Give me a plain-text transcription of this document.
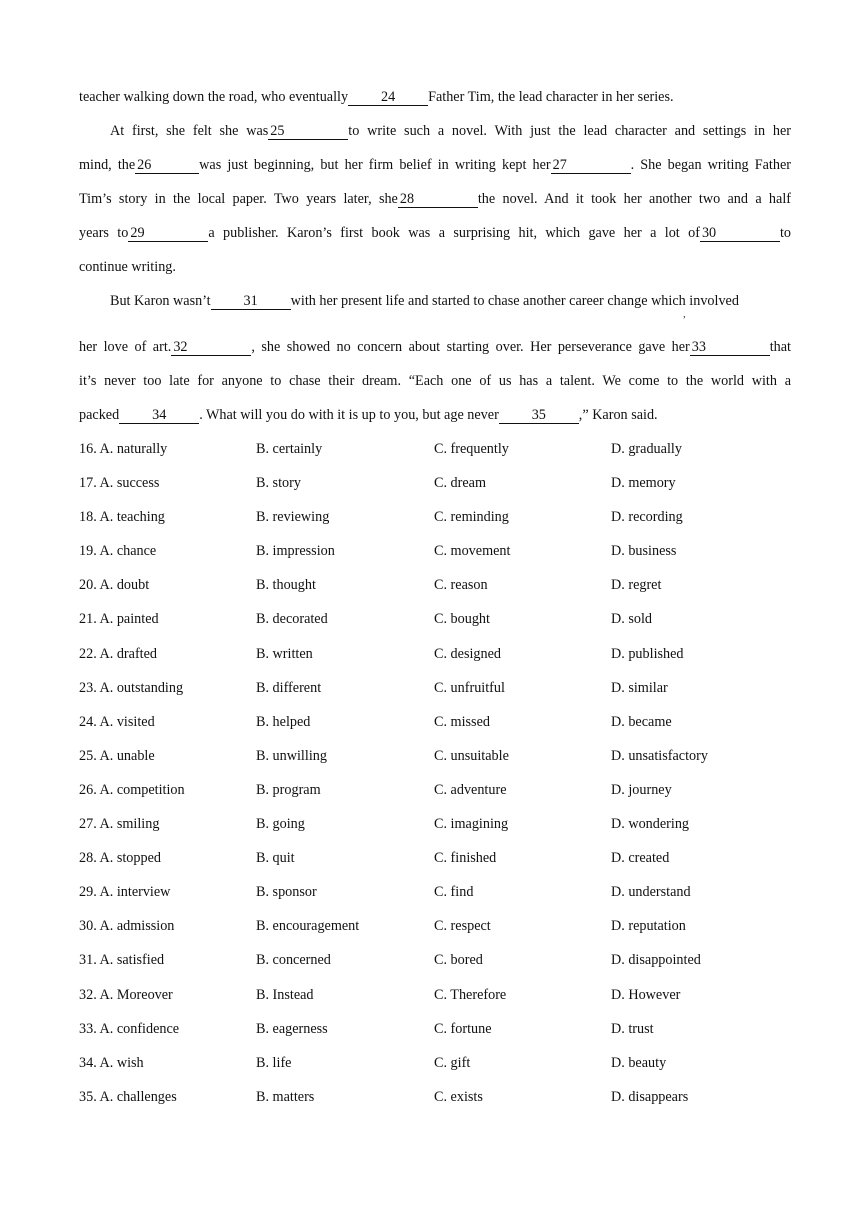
teacher walking down the road, who eventually 24 Father Tim, the lead character in her series.
At first, she felt she was 25	to write such a novel. With just the lead character and settings in her
mind, the 26	was just beginning, but her firm belief in writing kept her 27	. She began writing Father
Tim’s story in the local paper. Two years later, she 28	the novel. And it took her another two and a half
years to 29	a publisher. Karon’s first book was a surprising hit, which gave her a lot of 30	to
continue writing.
But Karon wasn’t 31 with her present life and started to chase another career change which involved
her love of art. 32	, she showed no concern about starting over. Her perseverance gave her 33	that
it’s never too late for anyone to chase their dream. “Each one of us has a talent. We come to the world with a
packed 34 . What will you do with it is up to you, but age never 35 ,” Karon said.
,
16. A. naturally	B. certainly	C. frequently	D. gradually
17. A. success	B. story	C. dream	D. memory
18. A. teaching	B. reviewing	C. reminding	D. recording
19. A. chance	B. impression	C. movement	D. business
20. A. doubt	B. thought	C. reason	D. regret
21. A. painted	B. decorated	C. bought	D. sold
22. A. drafted	B. written	C. designed	D. published
23. A. outstanding	B. different	C. unfruitful	D. similar
24. A. visited	B. helped	C. missed	D. became
25. A. unable	B. unwilling	C. unsuitable	D. unsatisfactory
26. A. competition	B. program	C. adventure	D. journey
27. A. smiling	B. going	C. imagining	D. wondering
28. A. stopped	B. quit	C. finished	D. created
29. A. interview	B. sponsor	C. find	D. understand
30. A. admission	B. encouragement	C. respect	D. reputation
31. A. satisfied	B. concerned	C. bored	D. disappointed
32. A. Moreover	B. Instead	C. Therefore	D. However
33. A. confidence	B. eagerness	C. fortune	D. trust
34. A. wish	B. life	C. gift	D. beauty
35. A. challenges	B. matters	C. exists	D. disappears
